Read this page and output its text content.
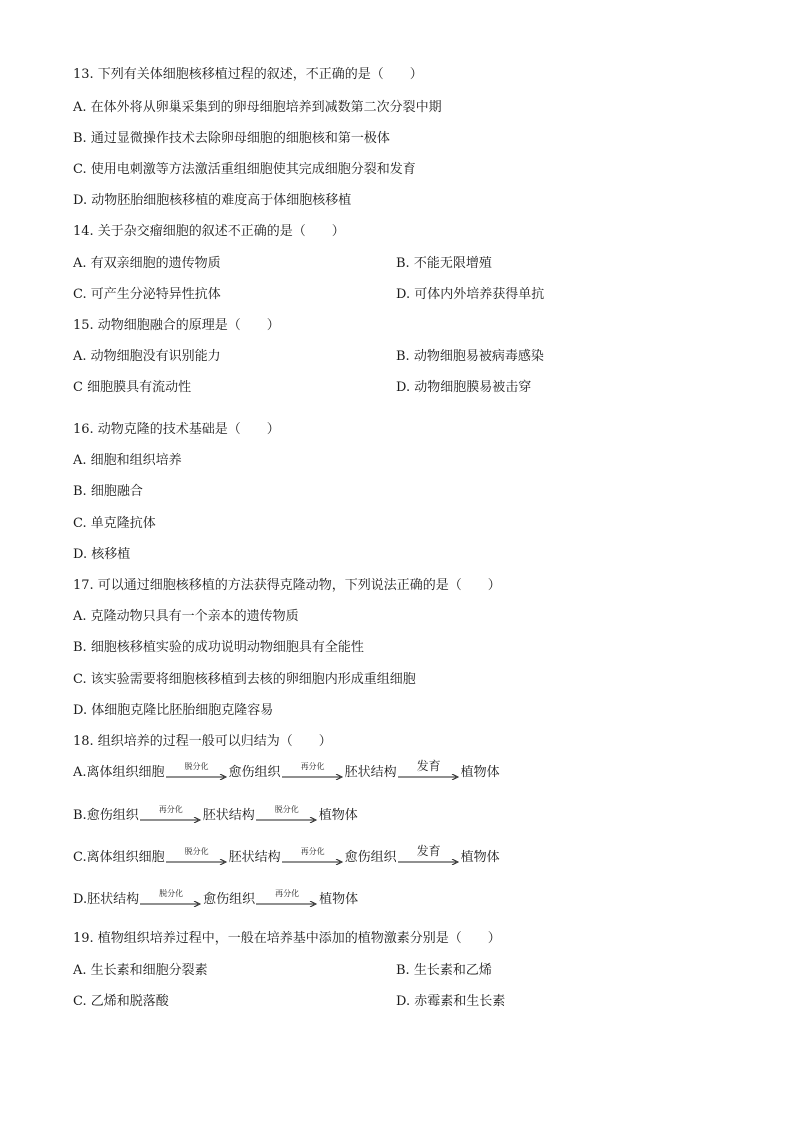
13. 下列有关体细胞核移植过程的叙述，不正确的是（　　）
A. 在体外将从卵巢采集到的卵母细胞培养到减数第二次分裂中期
B. 通过显微操作技术去除卵母细胞的细胞核和第一极体
C. 使用电刺激等方法激活重组细胞使其完成细胞分裂和发育
D. 动物胚胎细胞核移植的难度高于体细胞核移植
14. 关于杂交瘤细胞的叙述不正确的是（　　）
A. 有双亲细胞的遗传物质	B. 不能无限增殖
C. 可产生分泌特异性抗体	D. 可体内外培养获得单抗
15. 动物细胞融合的原理是（　　）
A. 动物细胞没有识别能力	B. 动物细胞易被病毒感染
C 细胞膜具有流动性	D. 动物细胞膜易被击穿
16. 动物克隆的技术基础是（　　）
A. 细胞和组织培养
B. 细胞融合
C. 单克隆抗体
D. 核移植
17. 可以通过细胞核移植的方法获得克隆动物，下列说法正确的是（　　）
A. 克隆动物只具有一个亲本的遗传物质
B. 细胞核移植实验的成功说明动物细胞具有全能性
C. 该实验需要将细胞核移植到去核的卵细胞内形成重组细胞
D. 体细胞克隆比胚胎细胞克隆容易
18. 组织培养的过程一般可以归结为（　　）
A. 离体组织细胞	脱分化	愈伤组织	再分化	胚状结构	发育	植物体
B. 愈伤组织	再分化	胚状结构	脱分化	植物体
C. 离体组织细胞	脱分化	胚状结构	再分化	愈伤组织	发育	植物体
D. 胚状结构	脱分化	愈伤组织	再分化	植物体
19. 植物组织培养过程中，一般在培养基中添加的植物激素分别是（　　）
A. 生长素和细胞分裂素	B. 生长素和乙烯
C. 乙烯和脱落酸	D. 赤霉素和生长素
